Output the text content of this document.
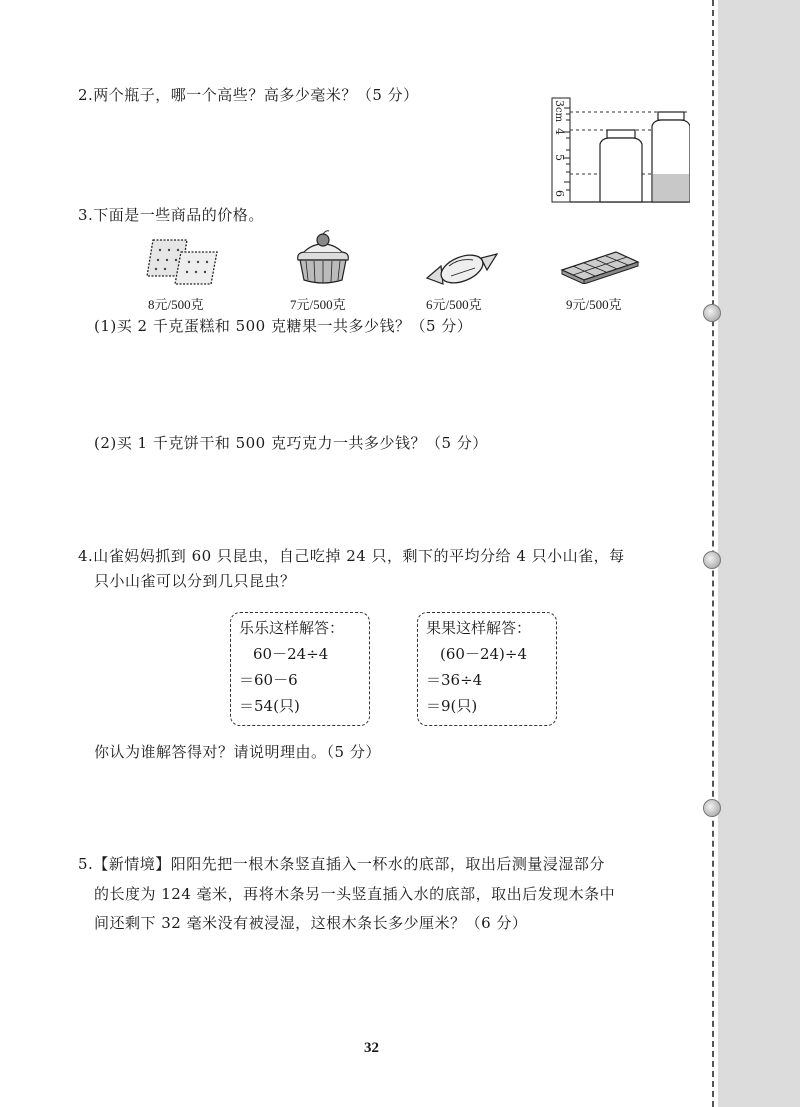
2.两个瓶子，哪一个高些？高多少毫米？（5 分）	3
cm
4
5
6
3.下面是一些商品的价格。
8元/500克	7元/500克	6元/500克	9元/500克
(1)买 2 千克蛋糕和 500 克糖果一共多少钱？（5 分）
(2)买 1 千克饼干和 500 克巧克力一共多少钱？（5 分）
4.山雀妈妈抓到 60 只昆虫，自己吃掉 24 只，剩下的平均分给 4 只小山雀，每
只小山雀可以分到几只昆虫？
乐乐这样解答：
60－24÷4
＝60－6
＝54(只)
果果这样解答：
(60－24)÷4
＝36÷4
＝9(只)
你认为谁解答得对？请说明理由。（5 分）
5.【新情境】阳阳先把一根木条竖直插入一杯水的底部，取出后测量浸湿部分
的长度为 124 毫米，再将木条另一头竖直插入水的底部，取出后发现木条中
间还剩下 32 毫米没有被浸湿，这根木条长多少厘米？（6 分）
32
